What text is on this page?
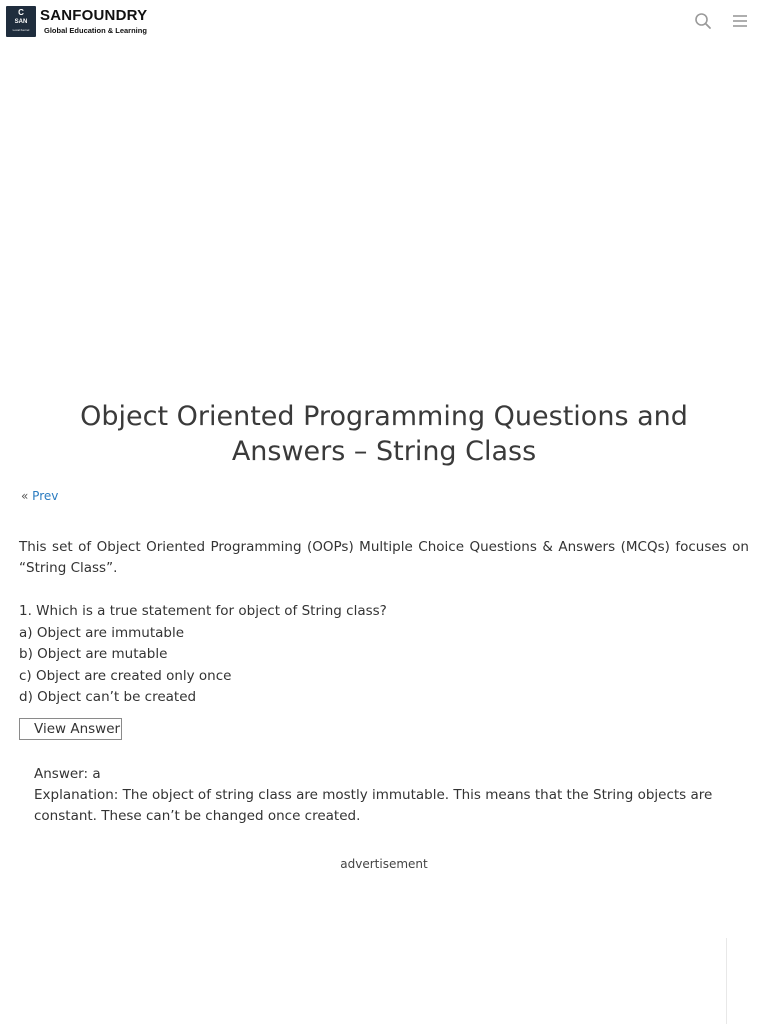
C
SAN
Local Kernel
SANFOUNDRY
Global Education & Learning
Object Oriented Programming Questions and Answers – String Class
« Prev

This set of Object Oriented Programming (OOPs) Multiple Choice Questions & Answers (MCQs) focuses on “String Class”.

1. Which is a true statement for object of String class?
a) Object are immutable
b) Object are mutable
c) Object are created only once
d) Object can’t be created
View Answer
Answer: a
Explanation: The object of string class are mostly immutable. This means that the String objects are constant. These can’t be changed once created.
advertisement
